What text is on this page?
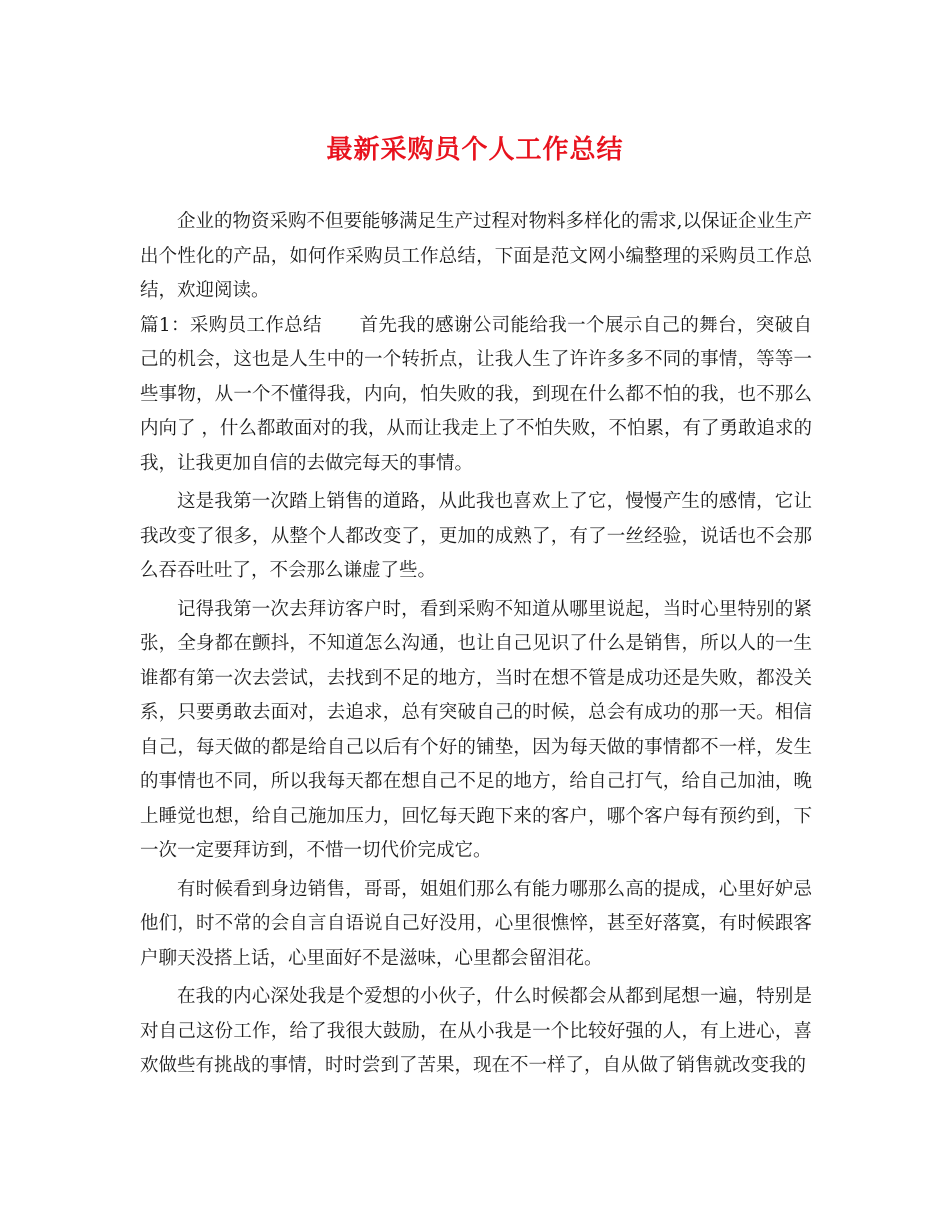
最新采购员个人工作总结

企业的物资采购不但要能够满足生产过程对物料多样化的需求,以保证企业生产出个性化的产品，如何作采购员工作总结，下面是范文网小编整理的采购员工作总结，欢迎阅读。

篇1：采购员工作总结　　首先我的感谢公司能给我一个展示自己的舞台，突破自己的机会，这也是人生中的一个转折点，让我人生了许许多多不同的事情，等等一些事物，从一个不懂得我，内向，怕失败的我，到现在什么都不怕的我，也不那么内向了 ，什么都敢面对的我，从而让我走上了不怕失败，不怕累，有了勇敢追求的我，让我更加自信的去做完每天的事情。

这是我第一次踏上销售的道路，从此我也喜欢上了它，慢慢产生的感情，它让我改变了很多，从整个人都改变了，更加的成熟了，有了一丝经验，说话也不会那么吞吞吐吐了，不会那么谦虚了些。

记得我第一次去拜访客户时，看到采购不知道从哪里说起，当时心里特别的紧张，全身都在颤抖，不知道怎么沟通，也让自己见识了什么是销售，所以人的一生谁都有第一次去尝试，去找到不足的地方，当时在想不管是成功还是失败，都没关系，只要勇敢去面对，去追求，总有突破自己的时候，总会有成功的那一天。相信自己，每天做的都是给自己以后有个好的铺垫，因为每天做的事情都不一样，发生的事情也不同，所以我每天都在想自己不足的地方，给自己打气，给自己加油，晚上睡觉也想，给自己施加压力，回忆每天跑下来的客户，哪个客户每有预约到，下一次一定要拜访到，不惜一切代价完成它。

有时候看到身边销售，哥哥，姐姐们那么有能力哪那么高的提成，心里好妒忌他们，时不常的会自言自语说自己好没用，心里很憔悴，甚至好落寞，有时候跟客户聊天没搭上话，心里面好不是滋味，心里都会留泪花。

在我的内心深处我是个爱想的小伙子，什么时候都会从都到尾想一遍，特别是对自己这份工作，给了我很大鼓励，在从小我是一个比较好强的人，有上进心，喜欢做些有挑战的事情，时时尝到了苦果，现在不一样了，自从做了销售就改变我的
